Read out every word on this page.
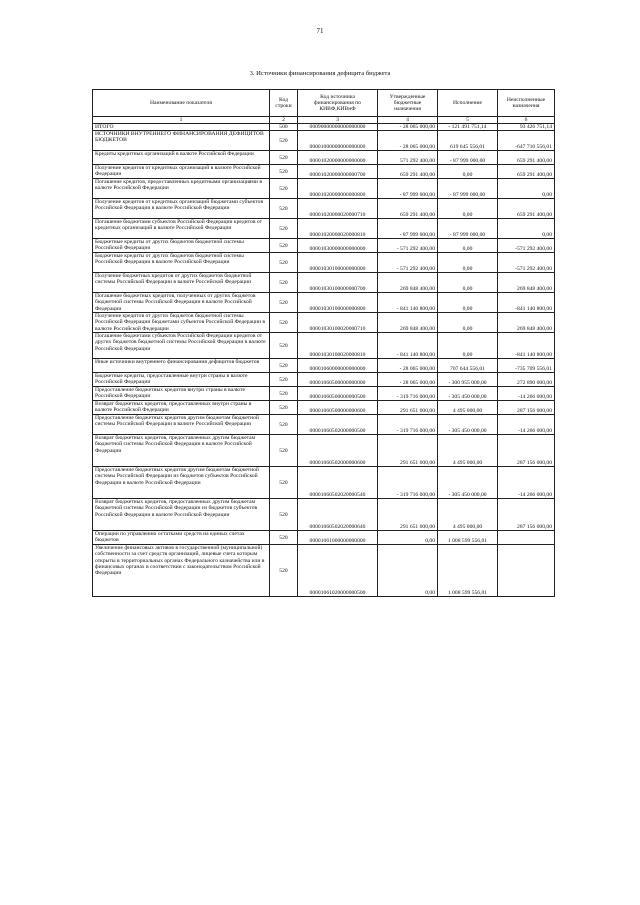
71
3. Источники финансирования дефицита бюджета
Наименование показателя	Код строки	Код источника финансирования по КИВФ,КИВнФ	Утвержденные бюджетные назначения	Исполнение	Неисполненные назначения
1	2	3	4	5	6
ИТОГО	500	00090000000000000000	- 28 065 000,00	- 121 491 751,14	93 426 751,14
ИСТОЧНИКИ ВНУТРЕННЕГО ФИНАНСИРОВАНИЯ ДЕФИЦИТОВ БЮДЖЕТОВ	520	00001000000000000000	- 28 065 000,00	619 645 556,01	-647 710 556,01
Кредиты кредитных организаций в валюте Российской Федерации	520	00001020000000000000	571 292 400,00	- 87 999 000,00	659 291 400,00
Получение кредитов от кредитных организаций в валюте Российской Федерации	520	00001020000000000700	659 291 400,00	0,00	659 291 400,00
Погашение кредитов, предоставленных кредитными организациями в валюте Российской Федерации	520	00001020000000000800	- 87 999 000,00	- 87 999 000,00	0,00
Получение кредитов от кредитных организаций бюджетами субъектов Российской Федерации в валюте Российской Федерации	520	00001020000020000710	659 291 400,00	0,00	659 291 400,00
Погашение бюджетами субъектов Российской Федерации кредитов от кредитных организаций в валюте Российской Федерации	520	00001020000020000810	- 87 999 000,00	- 87 999 000,00	0,00
Бюджетные кредиты от других бюджетов бюджетной системы Российской Федерации	520	00001030000000000000	- 571 292 400,00	0,00	-571 292 400,00
Бюджетные кредиты от других бюджетов бюджетной системы Российской Федерации в валюте Российской Федерации	520	00001030100000000000	- 571 292 400,00	0,00	-571 292 400,00
Получение бюджетных кредитов от других бюджетов бюджетной системы Российской Федерации в валюте Российской Федерации	520	00001030100000000700	269 848 400,00	0,00	269 848 400,00
Погашение бюджетных кредитов, полученных от других бюджетов бюджетной системы Российской Федерации в валюте Российской Федерации	520	00001030100000000800	- 841 140 800,00	0,00	-841 140 800,00
Получение кредитов от других бюджетов бюджетной системы Российской Федерации бюджетами субъектов Российской Федерации в валюте Российской Федерации	520	00001030100020000710	269 848 400,00	0,00	269 848 400,00
Погашение бюджетами субъектов Российской Федерации кредитов от других бюджетов бюджетной системы Российской Федерации в валюте Российской Федерации	520	00001030100020000810	- 841 140 800,00	0,00	-841 140 800,00
Иные источники внутреннего финансирования дефицитов бюджетов	520	00001060000000000000	- 28 065 000,00	707 644 556,01	-735 709 556,01
Бюджетные кредиты, предоставленные внутри страны в валюте Российской Федерации	520	00001060500000000000	- 28 065 000,00	- 300 955 000,00	272 890 000,00
Предоставление бюджетных кредитов внутри страны в валюте Российской Федерации	520	00001060500000000500	- 319 716 000,00	- 305 450 000,00	-14 266 000,00
Возврат бюджетных кредитов, предоставленных внутри страны в валюте Российской Федерации	520	00001060500000000600	291 651 000,00	4 495 000,00	287 156 000,00
Предоставление бюджетных кредитов другим бюджетам бюджетной системы Российской Федерации в валюте Российской Федерации	520	00001060502000000500	- 319 716 000,00	- 305 450 000,00	-14 266 000,00
Возврат бюджетных кредитов, предоставленных другим бюджетам бюджетной системы Российской Федерации в валюте Российской Федерации	520	00001060502000000600	291 651 000,00	4 495 000,00	287 156 000,00
Предоставление бюджетных кредитов другим бюджетам бюджетной системы Российской Федерации из бюджетов субъектов Российской Федерации в валюте Российской Федерации	520	00001060502020000540	- 319 716 000,00	- 305 450 000,00	-14 266 000,00
Возврат бюджетных кредитов, предоставленных другим бюджетам бюджетной системы Российской Федерации из бюджетов субъектов Российской Федерации в валюте Российской Федерации	520	00001060502020000640	291 651 000,00	4 495 000,00	287 156 000,00
Операции по управлению остатками средств на единых счетах бюджетов	520	00001061000000000000	0,00	1 008 599 556,01	
Увеличение финансовых активов в государственной (муниципальной) собственности за счет средств организаций, лицевые счета которым открыты в территориальных органах Федерального казначейства или в финансовых органах в соответствии с законодательством Российской Федерации	520	00001061020000000500	0,00	1 008 599 556,01	
